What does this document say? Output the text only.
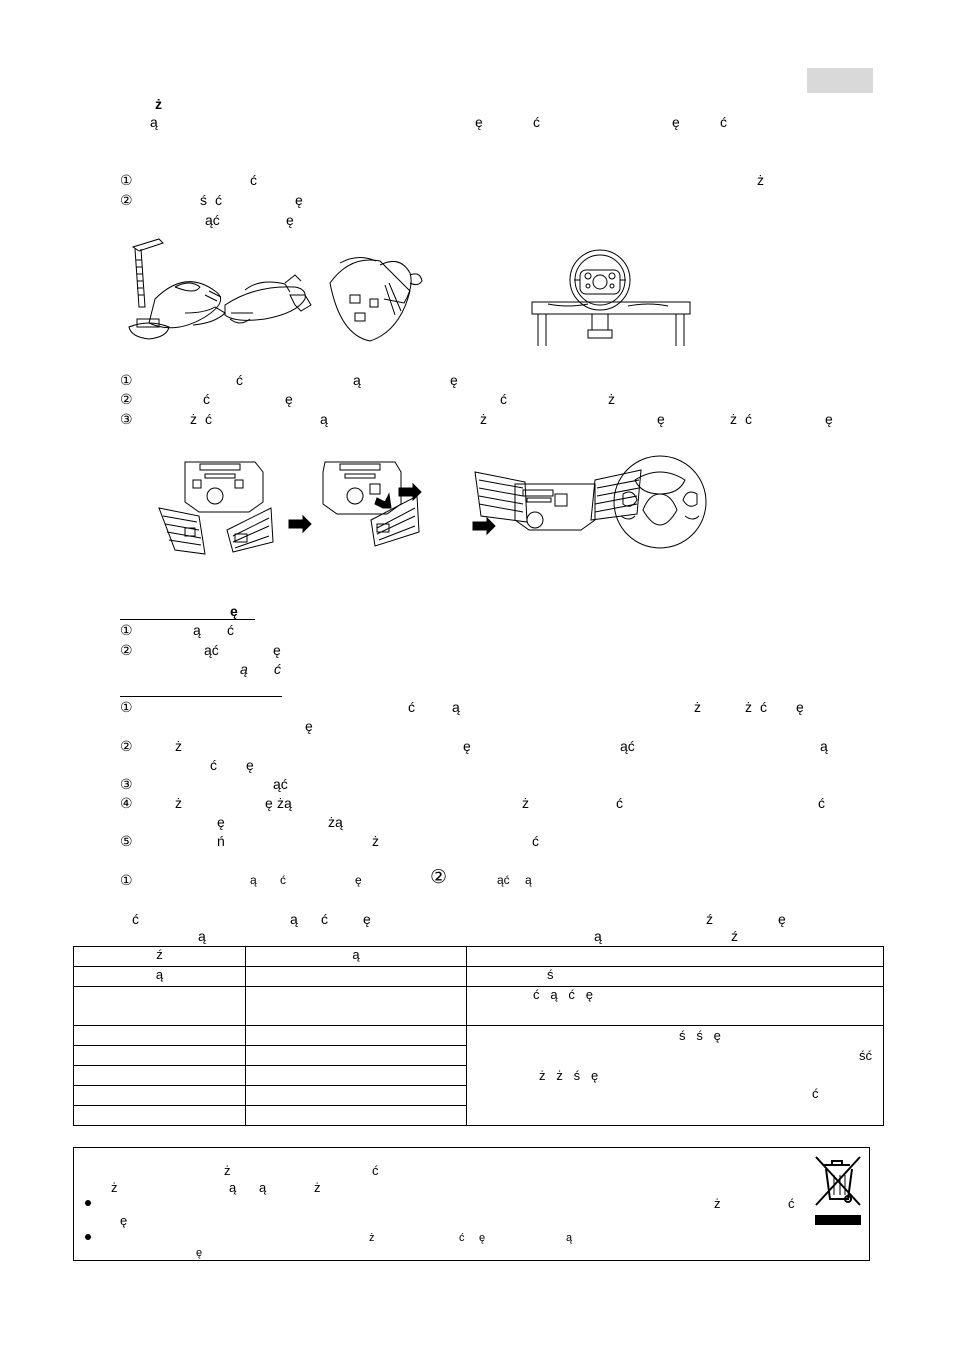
ż
ą	ę	ć	ę	ć
①	ć	ż
②	ś ć	ę
ąć	ę
①	ć	ą	ę
②	ć	ę	ć	ż
③	ż ć	ą	ż	ę	ż ć	ę
ę
①	ą ć
②	ąć	ę
ą ć
①	ć	ą	ż	ż ć ę
ę
②	ż	ę	ąć	ą
ć ę
③	ąć
④	ż	ę żą	ż	ć	ć
ę	żą
⑤	ń	ż	ć
①	ą ć	ę	②	ąć ą
ć	ą ć	ę	ź	ę
ą	ą	ź
ź	ą	
ą		ś
		ć   ą   ć   ę

		ś   ś   ę
ść
ż   ż   ś   ę
ć

ż	ć
ż	ą ą	ż
ż	ć
ę
ż	ć ę	ą
ę
